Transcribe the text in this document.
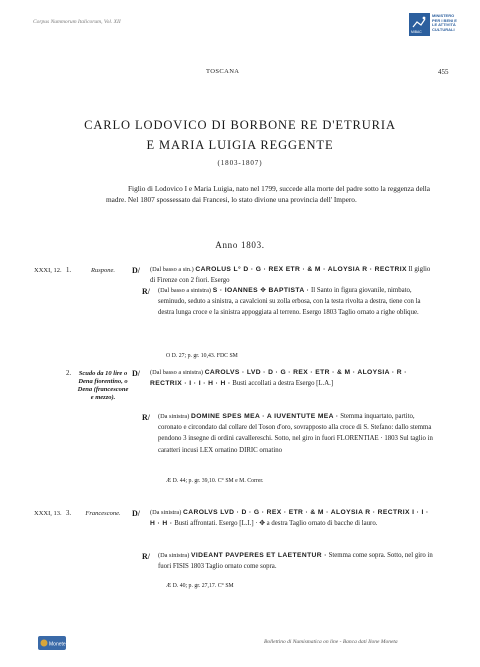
Corpus Nummorum Italicorum, Vol. XII
MIBAC
MINISTERO
PER I BENI E
LE ATTIVITÀ
CULTURALI
TOSCANA	455
CARLO LODOVICO DI BORBONE RE D'ETRURIA
E MARIA LUIGIA REGGENTE
(1803-1807)

Figlio di Lodovico I e Maria Luigia, nato nel 1799, succede alla morte del padre sotto la reggenza della madre. Nel 1807 spossessato dai Francesi, lo stato divione una provincia dell' Impero.

Anno 1803.
XXXI, 12. 1.	Ruspone.	D/ (Dal basso a sin.) CAROLUS L° D · G · REX ETR · & M · ALOYSIA R · RECTRIX Il giglio di Firenze con 2 fiori. Esergo
R/ (Dal basso a sinistra) S · IOANNES ✥ BAPTISTA · Il Santo in figura giovanile, nimbato, seminudo, seduto a sinistra, a cavalcioni su zolla erbosa, con la testa rivolta a destra, tiene con la destra lunga croce e la sinistra appoggiata al terreno. Esergo 1803 Taglio ornato a righe oblique.
O D. 27; p. gr. 10,43. FDC SM
2.	Scudo da 10 lire o Dena fiorentino, o Dena (francescone e mezzo).
D/ (Dal basso a sinistra) CAROLVS · LVD · D · G · REX · ETR · & M · ALOYSIA · R · RECTRIX · I · I · H · H · Busti accollati a destra Esergo [L.A.]
R/ (Da sinistra) DOMINE SPES MEA · A IUVENTUTE MEA · Stemma inquartato, partito, coronato e circondato dal collare del Toson d'oro, sovrapposto alla croce di S. Stefano: dallo stemma pendono 3 insegne di ordini cavallereschi. Sotto, nel giro in fuori FLORENTIAE · 1803 Sul taglio in caratteri incusi LEX ornatino DIRIC ornatino
Æ D. 44; p. gr. 39,10. C° SM e M. Correr.
XXXI, 13. 3.	Francescone.	D/ (Da sinistra) CAROLVS LVD · D · G · REX · ETR · & M · ALOYSIA R · RECTRIX I · I · H · H · Busti affrontati. Esergo [L.I.] · ✥ a destra Taglio ornato di bacche di lauro.
R/ (Da sinistra) VIDEANT PAVPERES ET LAETENTUR · Stemma come sopra. Sotto, nel giro in fuori FISIS 1803 Taglio ornato come sopra.
Æ D. 40; p. gr. 27,17. C° SM
Monete	Bollettino di Numismatica on line - Banca dati Ilone Moneta
